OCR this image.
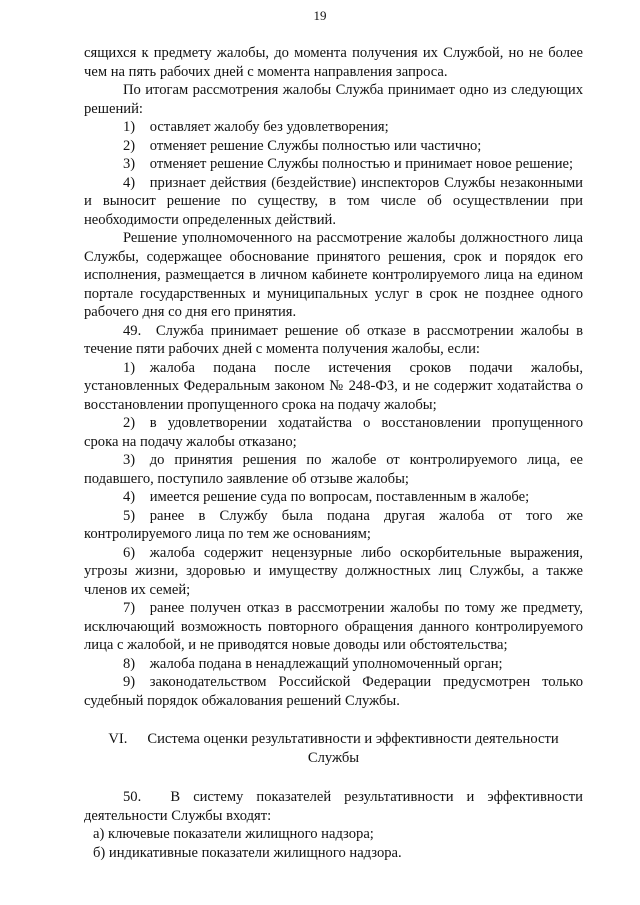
19

сящихся к предмету жалобы, до момента получения их Службой, но не более чем на пять рабочих дней с момента направления запроса.

По итогам рассмотрения жалобы Служба принимает одно из следующих решений:

1) оставляет жалобу без удовлетворения;

2) отменяет решение Службы полностью или частично;

3) отменяет решение Службы полностью и принимает новое решение;

4) признает действия (бездействие) инспекторов Службы незаконными и выносит решение по существу, в том числе об осуществлении при необходимости определенных действий.

Решение уполномоченного на рассмотрение жалобы должностного лица Службы, содержащее обоснование принятого решения, срок и порядок его исполнения, размещается в личном кабинете контролируемого лица на едином портале государственных и муниципальных услуг в срок не позднее одного рабочего дня со дня его принятия.

49. Служба принимает решение об отказе в рассмотрении жалобы в течение пяти рабочих дней с момента получения жалобы, если:

1) жалоба подана после истечения сроков подачи жалобы, установленных Федеральным законом № 248-ФЗ, и не содержит ходатайства о восстановлении пропущенного срока на подачу жалобы;

2) в удовлетворении ходатайства о восстановлении пропущенного срока на подачу жалобы отказано;

3) до принятия решения по жалобе от контролируемого лица, ее подавшего, поступило заявление об отзыве жалобы;

4) имеется решение суда по вопросам, поставленным в жалобе;

5) ранее в Службу была подана другая жалоба от того же контролируемого лица по тем же основаниям;

6) жалоба содержит нецензурные либо оскорбительные выражения, угрозы жизни, здоровью и имуществу должностных лиц Службы, а также членов их семей;

7) ранее получен отказ в рассмотрении жалобы по тому же предмету, исключающий возможность повторного обращения данного контролируемого лица с жалобой, и не приводятся новые доводы или обстоятельства;

8) жалоба подана в ненадлежащий уполномоченный орган;

9) законодательством Российской Федерации предусмотрен только судебный порядок обжалования решений Службы.

VI. Система оценки результативности и эффективности деятельности
Службы

50.  В систему показателей результативности и эффективности деятельности Службы входят:

а) ключевые показатели жилищного надзора;

б) индикативные показатели жилищного надзора.
